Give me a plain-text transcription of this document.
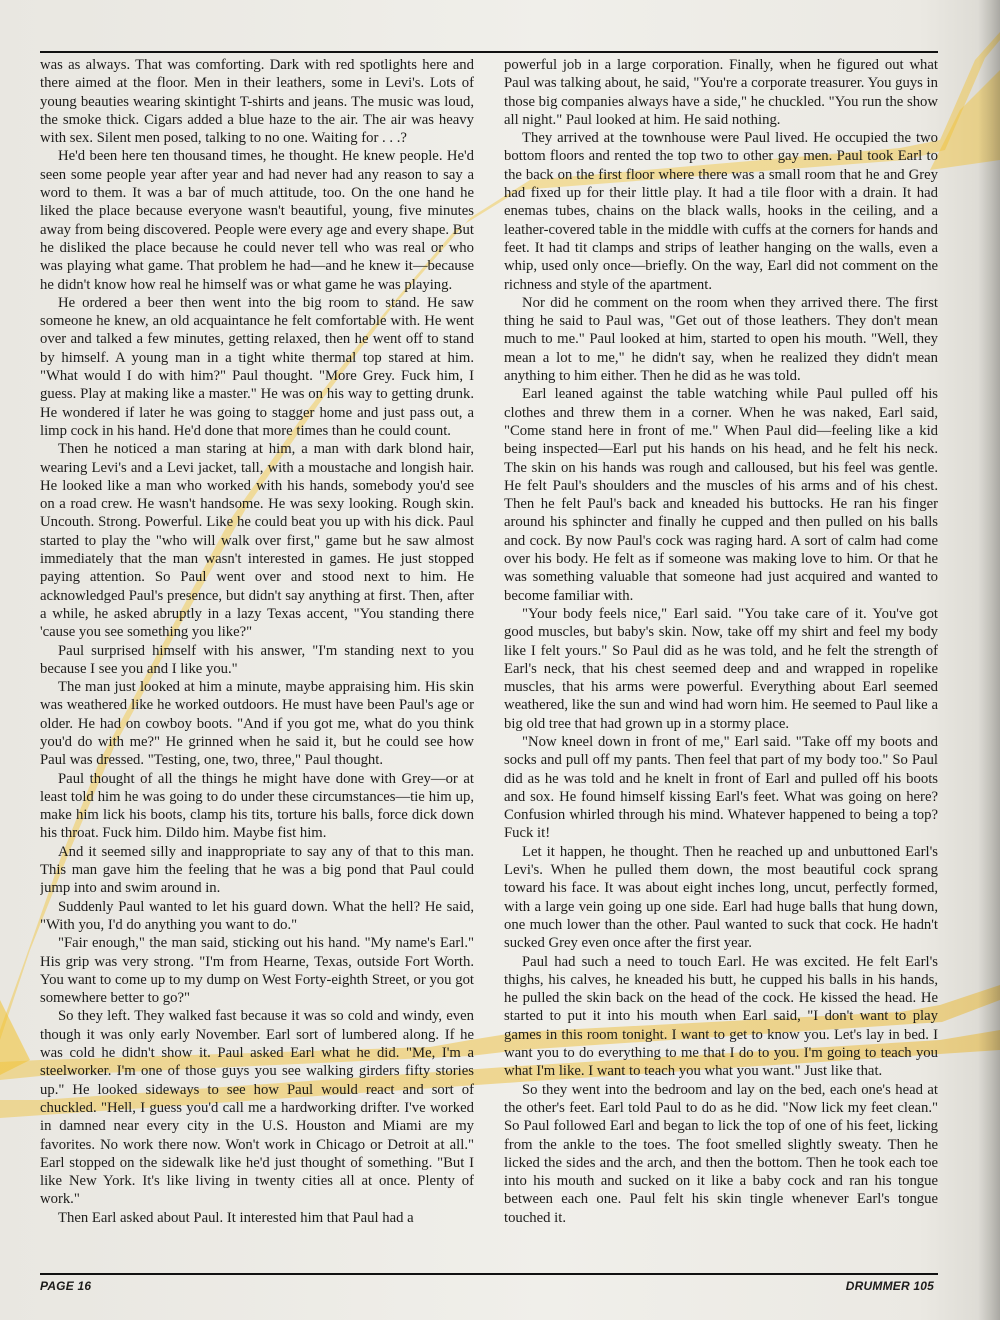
was as always. That was comforting. Dark with red spotlights here and there aimed at the floor. Men in their leathers, some in Levi's. Lots of young beauties wearing skintight T-shirts and jeans. The music was loud, the smoke thick. Cigars added a blue haze to the air. The air was heavy with sex. Silent men posed, talking to no one. Waiting for . . .?

He'd been here ten thousand times, he thought. He knew people. He'd seen some people year after year and had never had any reason to say a word to them. It was a bar of much attitude, too. On the one hand he liked the place because everyone wasn't beautiful, young, five minutes away from being discovered. People were every age and every shape. But he disliked the place because he could never tell who was real or who was playing what game. That problem he had—and he knew it—because he didn't know how real he himself was or what game he was playing.

He ordered a beer then went into the big room to stand. He saw someone he knew, an old acquaintance he felt comfortable with. He went over and talked a few minutes, getting relaxed, then he went off to stand by himself. A young man in a tight white thermal top stared at him. "What would I do with him?" Paul thought. "More Grey. Fuck him, I guess. Play at making like a master." He was on his way to getting drunk. He wondered if later he was going to stagger home and just pass out, a limp cock in his hand. He'd done that more times than he could count.

Then he noticed a man staring at him, a man with dark blond hair, wearing Levi's and a Levi jacket, tall, with a moustache and longish hair. He looked like a man who worked with his hands, somebody you'd see on a road crew. He wasn't handsome. He was sexy looking. Rough skin. Uncouth. Strong. Powerful. Like he could beat you up with his dick. Paul started to play the "who will walk over first," game but he saw almost immediately that the man wasn't interested in games. He just stopped paying attention. So Paul went over and stood next to him. He acknowledged Paul's presence, but didn't say anything at first. Then, after a while, he asked abruptly in a lazy Texas accent, "You standing there 'cause you see something you like?"

Paul surprised himself with his answer, "I'm standing next to you because I see you and I like you."

The man just looked at him a minute, maybe appraising him. His skin was weathered like he worked outdoors. He must have been Paul's age or older. He had on cowboy boots. "And if you got me, what do you think you'd do with me?" He grinned when he said it, but he could see how Paul was dressed. "Testing, one, two, three," Paul thought.

Paul thought of all the things he might have done with Grey—or at least told him he was going to do under these circumstances—tie him up, make him lick his boots, clamp his tits, torture his balls, force dick down his throat. Fuck him. Dildo him. Maybe fist him.

And it seemed silly and inappropriate to say any of that to this man. This man gave him the feeling that he was a big pond that Paul could jump into and swim around in.

Suddenly Paul wanted to let his guard down. What the hell? He said, "With you, I'd do anything you want to do."

"Fair enough," the man said, sticking out his hand. "My name's Earl." His grip was very strong. "I'm from Hearne, Texas, outside Fort Worth. You want to come up to my dump on West Forty-eighth Street, or you got somewhere better to go?"

So they left. They walked fast because it was so cold and windy, even though it was only early November. Earl sort of lumbered along. If he was cold he didn't show it. Paul asked Earl what he did. "Me, I'm a steelworker. I'm one of those guys you see walking girders fifty stories up." He looked sideways to see how Paul would react and sort of chuckled. "Hell, I guess you'd call me a hardworking drifter. I've worked in damned near every city in the U.S. Houston and Miami are my favorites. No work there now. Won't work in Chicago or Detroit at all." Earl stopped on the sidewalk like he'd just thought of something. "But I like New York. It's like living in twenty cities all at once. Plenty of work."

Then Earl asked about Paul. It interested him that Paul had a

powerful job in a large corporation. Finally, when he figured out what Paul was talking about, he said, "You're a corporate treasurer. You guys in those big companies always have a side," he chuckled. "You run the show all night." Paul looked at him. He said nothing.

They arrived at the townhouse were Paul lived. He occupied the two bottom floors and rented the top two to other gay men. Paul took Earl to the back on the first floor where there was a small room that he and Grey had fixed up for their little play. It had a tile floor with a drain. It had enemas tubes, chains on the black walls, hooks in the ceiling, and a leather-covered table in the middle with cuffs at the corners for hands and feet. It had tit clamps and strips of leather hanging on the walls, even a whip, used only once—briefly. On the way, Earl did not comment on the richness and style of the apartment.

Nor did he comment on the room when they arrived there. The first thing he said to Paul was, "Get out of those leathers. They don't mean much to me." Paul looked at him, started to open his mouth. "Well, they mean a lot to me," he didn't say, when he realized they didn't mean anything to him either. Then he did as he was told.

Earl leaned against the table watching while Paul pulled off his clothes and threw them in a corner. When he was naked, Earl said, "Come stand here in front of me." When Paul did—feeling like a kid being inspected—Earl put his hands on his head, and he felt his neck. The skin on his hands was rough and calloused, but his feel was gentle. He felt Paul's shoulders and the muscles of his arms and of his chest. Then he felt Paul's back and kneaded his buttocks. He ran his finger around his sphincter and finally he cupped and then pulled on his balls and cock. By now Paul's cock was raging hard. A sort of calm had come over his body. He felt as if someone was making love to him. Or that he was something valuable that someone had just acquired and wanted to become familiar with.

"Your body feels nice," Earl said. "You take care of it. You've got good muscles, but baby's skin. Now, take off my shirt and feel my body like I felt yours." So Paul did as he was told, and he felt the strength of Earl's neck, that his chest seemed deep and and wrapped in ropelike muscles, that his arms were powerful. Everything about Earl seemed weathered, like the sun and wind had worn him. He seemed to Paul like a big old tree that had grown up in a stormy place.

"Now kneel down in front of me," Earl said. "Take off my boots and socks and pull off my pants. Then feel that part of my body too." So Paul did as he was told and he knelt in front of Earl and pulled off his boots and sox. He found himself kissing Earl's feet. What was going on here? Confusion whirled through his mind. Whatever happened to being a top? Fuck it!

Let it happen, he thought. Then he reached up and unbuttoned Earl's Levi's. When he pulled them down, the most beautiful cock sprang toward his face. It was about eight inches long, uncut, perfectly formed, with a large vein going up one side. Earl had huge balls that hung down, one much lower than the other. Paul wanted to suck that cock. He hadn't sucked Grey even once after the first year.

Paul had such a need to touch Earl. He was excited. He felt Earl's thighs, his calves, he kneaded his butt, he cupped his balls in his hands, he pulled the skin back on the head of the cock. He kissed the head. He started to put it into his mouth when Earl said, "I don't want to play games in this room tonight. I want to get to know you. Let's lay in bed. I want you to do everything to me that I do to you. I'm going to teach you what I'm like. I want to teach you what you want." Just like that.

So they went into the bedroom and lay on the bed, each one's head at the other's feet. Earl told Paul to do as he did. "Now lick my feet clean." So Paul followed Earl and began to lick the top of one of his feet, licking from the ankle to the toes. The foot smelled slightly sweaty. Then he licked the sides and the arch, and then the bottom. Then he took each toe into his mouth and sucked on it like a baby cock and ran his tongue between each one. Paul felt his skin tingle whenever Earl's tongue touched it.

PAGE 16	DRUMMER 105
